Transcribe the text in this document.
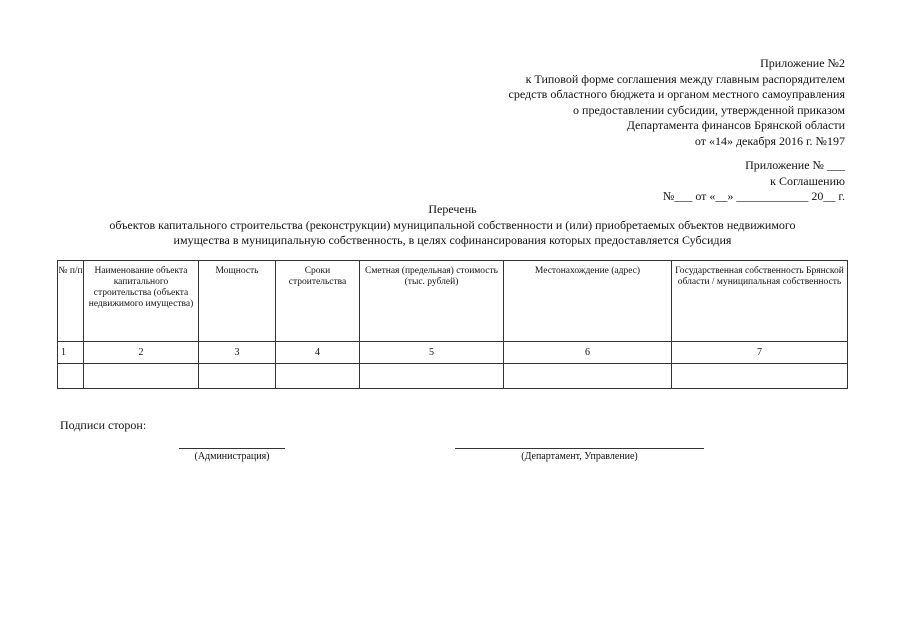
Приложение №2
к Типовой форме соглашения между главным распорядителем
средств областного бюджета и органом местного самоуправления
о предоставлении субсидии, утвержденной приказом
Департамента финансов Брянской области
от «14» декабря 2016 г. №197
Приложение № ___
к Соглашению
№___ от «__» ____________ 20__ г.
Перечень
объектов капитального строительства (реконструкции) муниципальной собственности и (или) приобретаемых объектов недвижимого
имущества в муниципальную собственность, в целях софинансирования которых предоставляется Субсидия
№ п/п	Наименование объекта капитального строительства (объекта недвижимого имущества)	Мощность	Сроки строительства	Сметная (предельная) стоимость (тыс. рублей)	Местонахождение (адрес)	Государственная собственность Брянской области / муниципальная собственность
1	2	3	4	5	6	7

Подписи сторон:
(Администрация)	(Департамент, Управление)
